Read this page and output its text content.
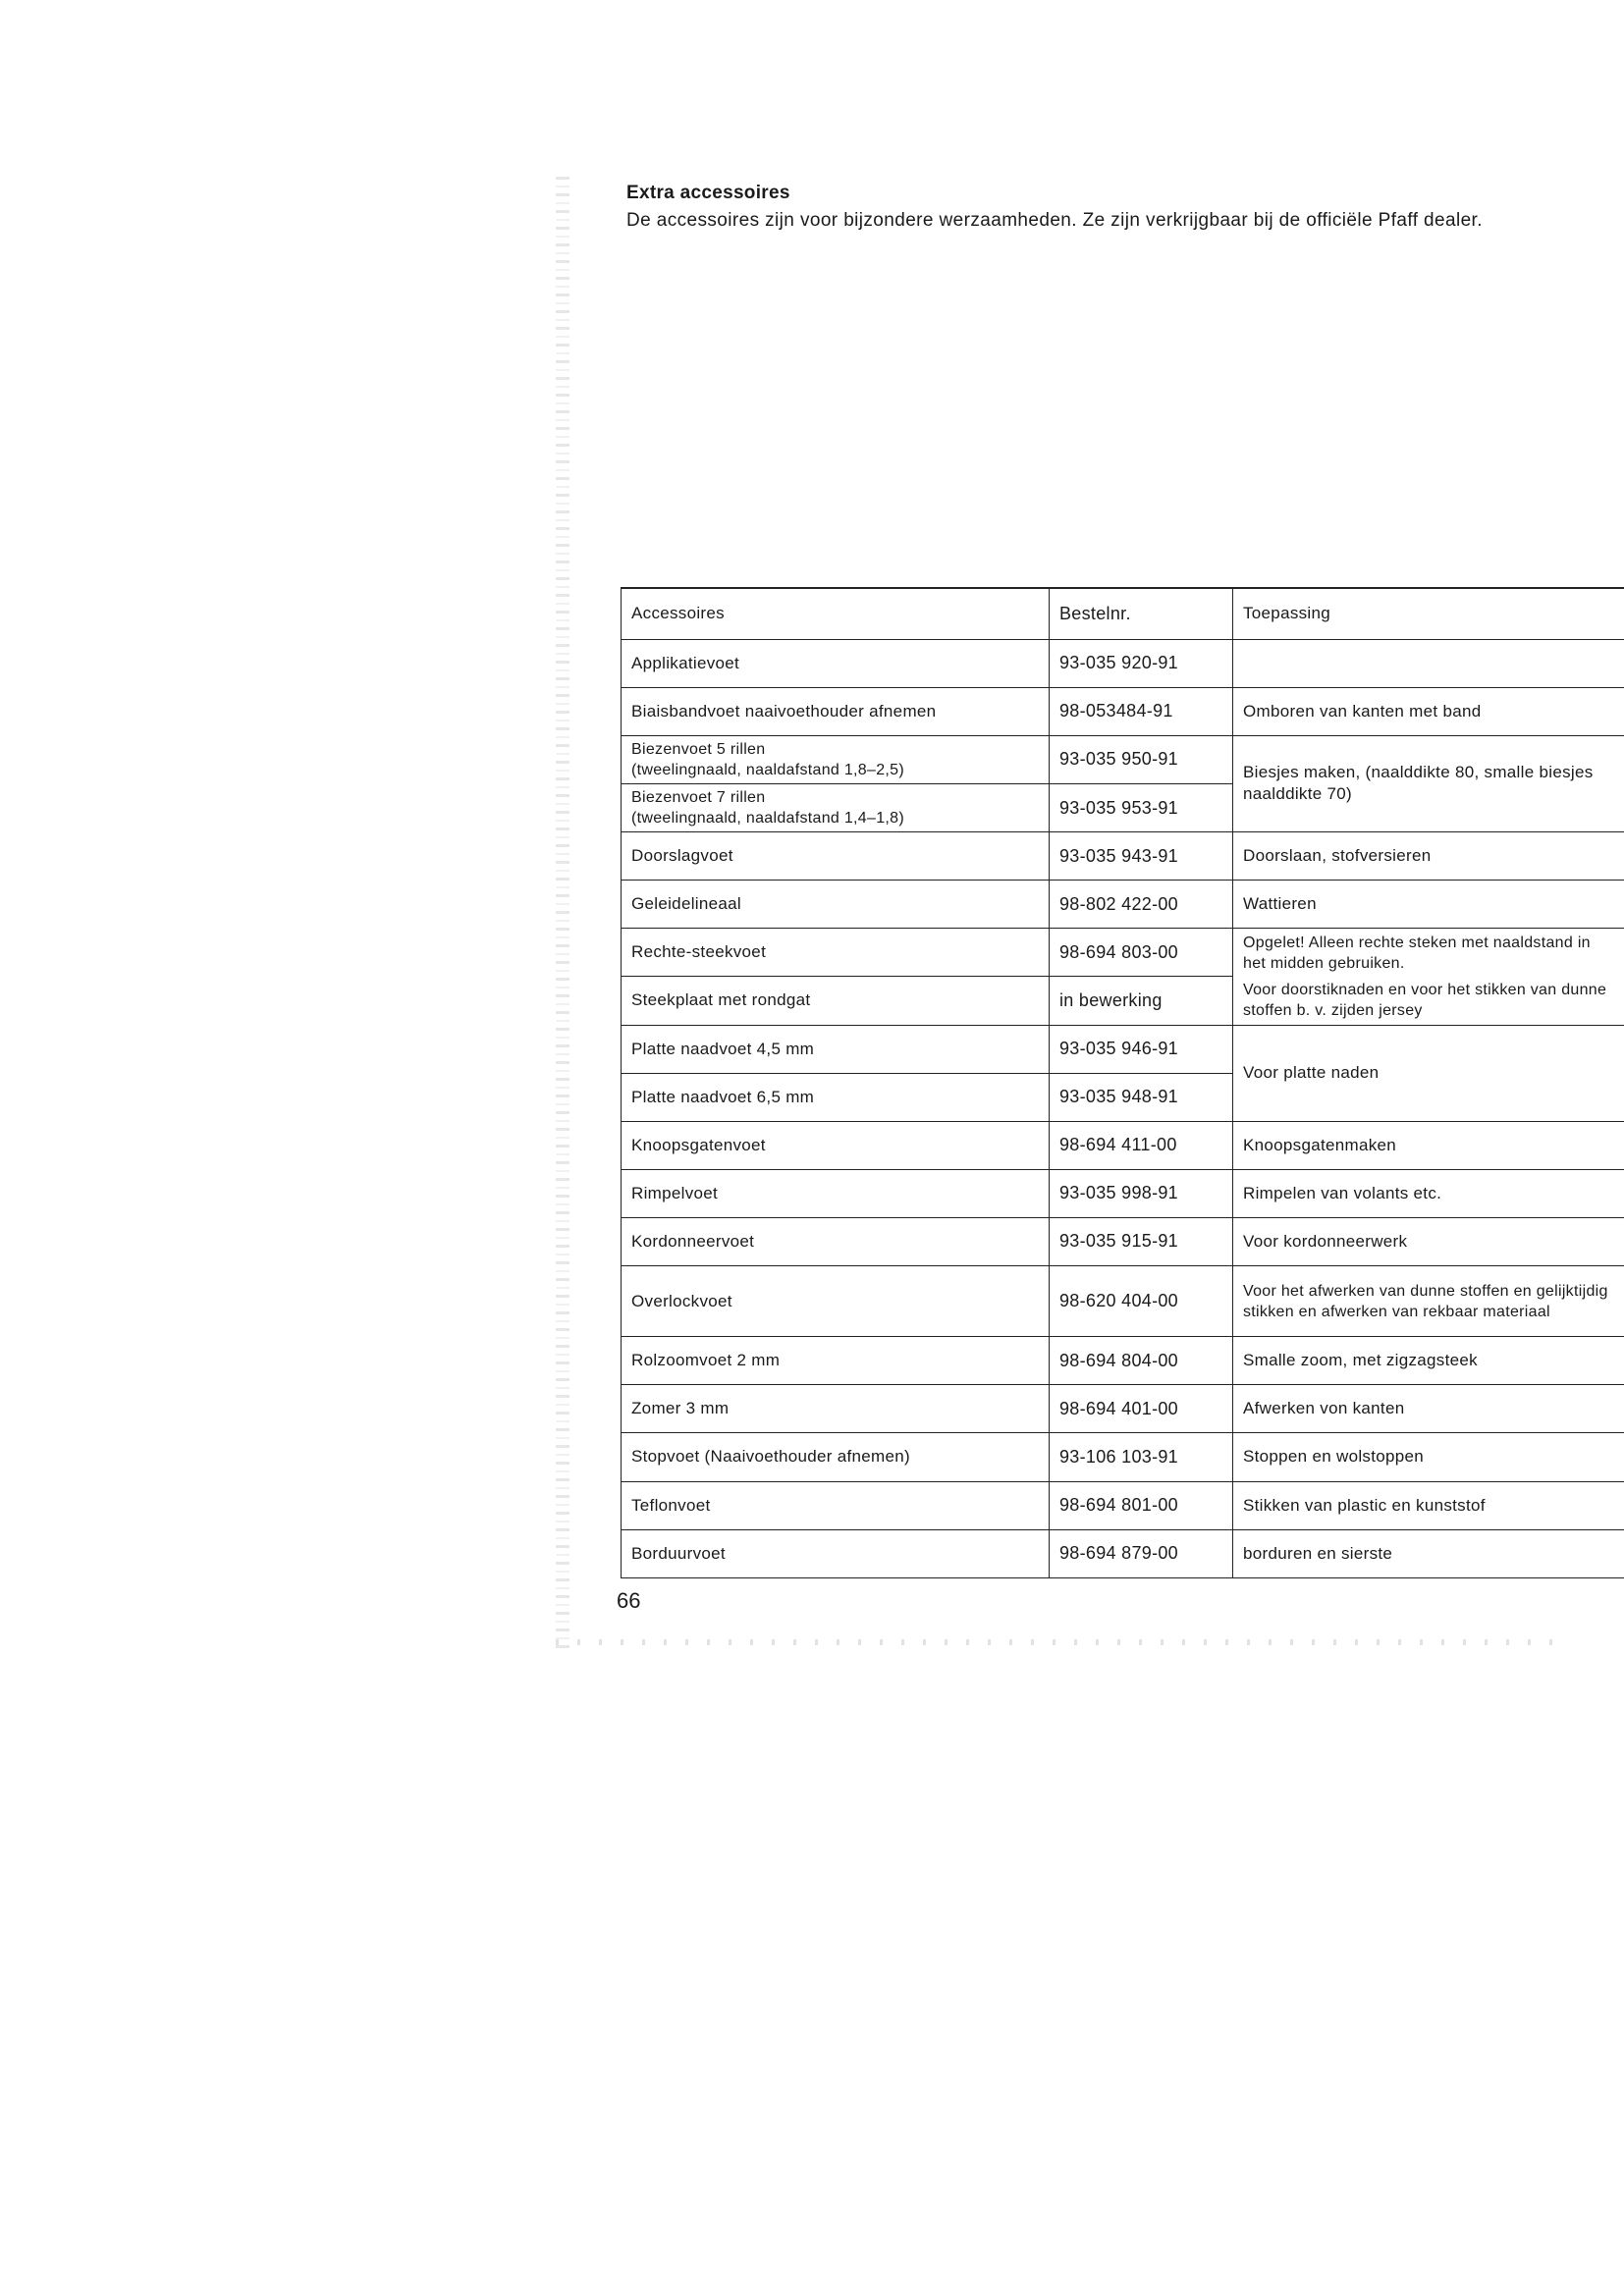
Extra accessoires
De accessoires zijn voor bijzondere werzaamheden. Ze zijn verkrijgbaar bij de officiële Pfaff dealer.
Accessoires	Bestelnr.	Toepassing
Applikatievoet	93-035 920-91	
Biaisbandvoet naaivoethouder afnemen	98-053484-91	Omboren van kanten met band

Biezenvoet 5 rillen
(tweelingnaald, naaldafstand 1,8–2,5)	93-035 950-91	Biesjes maken, (naalddikte 80, smalle biesjes naalddikte 70)

Biezenvoet 7 rillen
(tweelingnaald, naaldafstand 1,4–1,8)	93-035 953-91	
Doorslagvoet	93-035 943-91	Doorslaan, stofversieren
Geleidelineaal	98-802 422-00	Wattieren
Rechte-steekvoet	98-694 803-00	Opgelet! Alleen rechte steken met naaldstand in het midden gebruiken.
Steekplaat met rondgat	in bewerking	Voor doorstiknaden en voor het stikken van dunne stoffen b. v. zijden jersey
Platte naadvoet 4,5 mm	93-035 946-91	Voor platte naden
Platte naadvoet 6,5 mm	93-035 948-91	
Knoopsgatenvoet	98-694 411-00	Knoopsgatenmaken
Rimpelvoet	93-035 998-91	Rimpelen van volants etc.
Kordonneervoet	93-035 915-91	Voor kordonneerwerk
Overlockvoet	98-620 404-00	Voor het afwerken van dunne stoffen en gelijktijdig stikken en afwerken van rekbaar materiaal
Rolzoomvoet 2 mm	98-694 804-00	Smalle zoom, met zigzagsteek
Zomer 3 mm	98-694 401-00	Afwerken von kanten
Stopvoet (Naaivoethouder afnemen)	93-106 103-91	Stoppen en wolstoppen
Teflonvoet	98-694 801-00	Stikken van plastic en kunststof
Borduurvoet	98-694 879-00	borduren en sierste
66
